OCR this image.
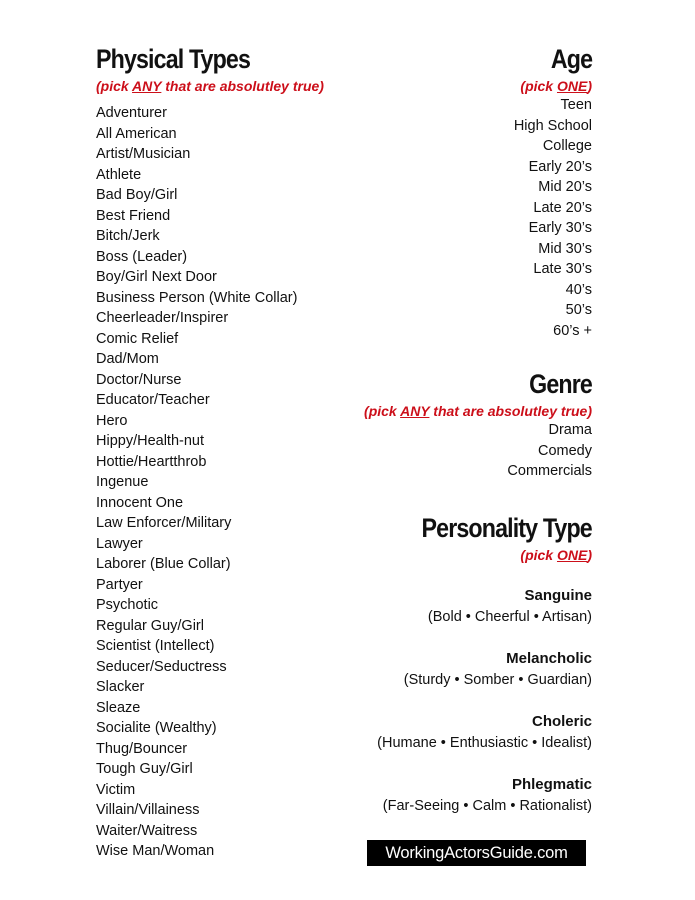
Physical Types
(pick ANY that are absolutley true)
Adventurer
All American
Artist/Musician
Athlete
Bad Boy/Girl
Best Friend
Bitch/Jerk
Boss (Leader)
Boy/Girl Next Door
Business Person (White Collar)
Cheerleader/Inspirer
Comic Relief
Dad/Mom
Doctor/Nurse
Educator/Teacher
Hero
Hippy/Health-nut
Hottie/Heartthrob
Ingenue
Innocent One
Law Enforcer/Military
Lawyer
Laborer (Blue Collar)
Partyer
Psychotic
Regular Guy/Girl
Scientist (Intellect)
Seducer/Seductress
Slacker
Sleaze
Socialite (Wealthy)
Thug/Bouncer
Tough Guy/Girl
Victim
Villain/Villainess
Waiter/Waitress
Wise Man/Woman
Age
(pick ONE)
Teen
High School
College
Early 20’s
Mid 20’s
Late 20’s
Early 30’s
Mid 30’s
Late 30’s
40’s
50’s
60’s +
Genre
(pick ANY that are absolutley true)
Drama
Comedy
Commercials
Personality Type
(pick ONE)
Sanguine
(Bold • Cheerful • Artisan)
Melancholic
(Sturdy • Somber • Guardian)
Choleric
(Humane • Enthusiastic • Idealist)
Phlegmatic
(Far-Seeing • Calm • Rationalist)
WorkingActorsGuide.com
